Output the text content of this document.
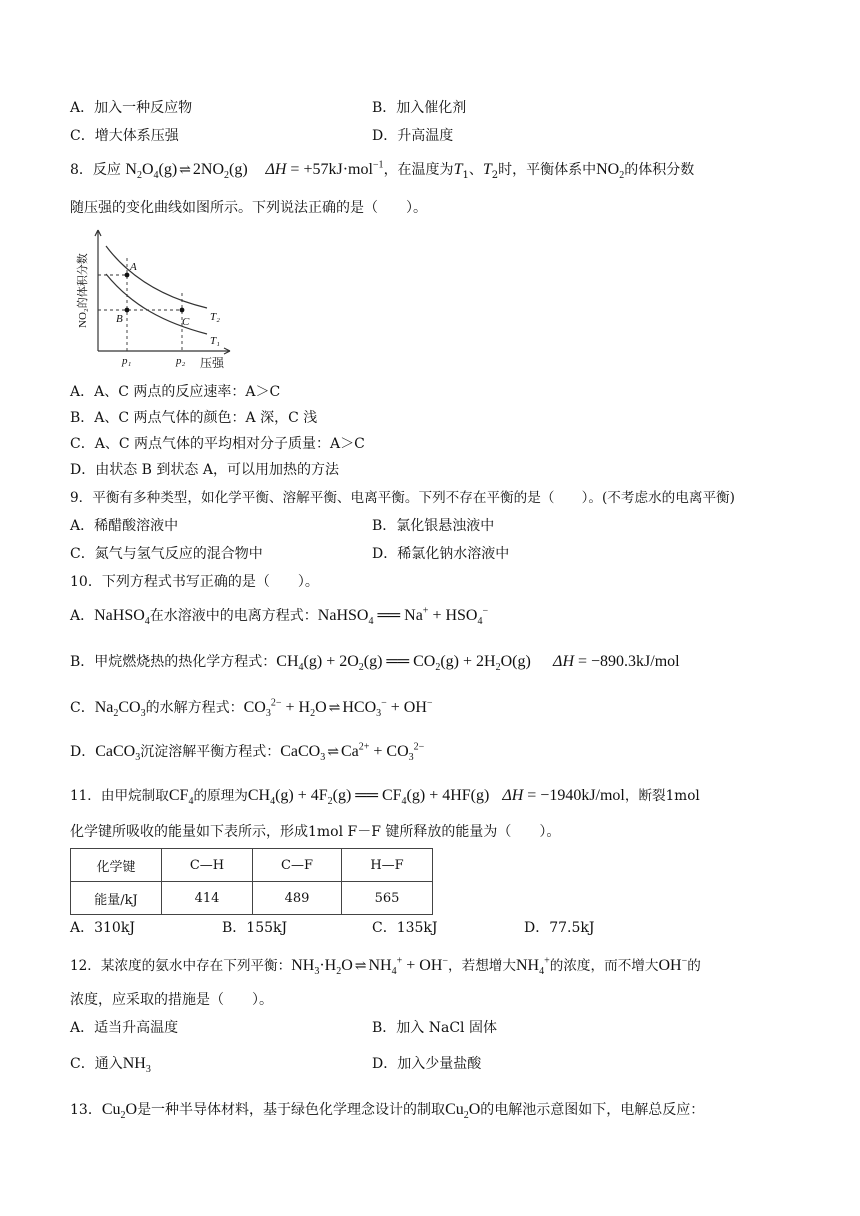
A．加入一种反应物	B．加入催化剂
C．增大体系压强	D．升高温度
8．反应 $N_2O_4(g)$ ⇌ $2NO_2(g) \Delta H = +57kJ\cdot mol^{-1}$，在温度为$T_1$、$T_2$时，平衡体系中$NO_2$的体积分数
随压强的变化曲线如图所示。下列说法正确的是（　　）。
A
B	C T₂
T₁
p₁	p₂ 压强
NO₂的体积分数
A．A、C 两点的反应速率：A＞C
B．A、C 两点气体的颜色：A 深，C 浅
C．A、C 两点气体的平均相对分子质量：A＞C
D．由状态 B 到状态 A，可以用加热的方法
9．平衡有多种类型，如化学平衡、溶解平衡、电离平衡。下列不存在平衡的是（　　）。(不考虑水的电离平衡)
A．稀醋酸溶液中	B．氯化银悬浊液中
C．氮气与氢气反应的混合物中	D．稀氯化钠水溶液中
10．下列方程式书写正确的是（　　）。
A．NaHSO$_4$在水溶液中的电离方程式：NaHSO$_4$ ══ $Na^+ + HSO_4^-$
B．甲烷燃烧热的热化学方程式：$CH_4(g) + 2O_2(g)$ ══ $CO_2(g) + 2H_2O(g) \Delta H = -890.3kJ/mol$
C．$Na_2CO_3$的水解方程式：$CO_3^{2-} + H_2O$ ⇌ $HCO_3^- + OH^-$
D．CaCO$_3$沉淀溶解平衡方程式：CaCO$_3$ ⇌ $Ca^{2+} + CO_3^{2-}$
11．由甲烷制取$CF_4$的原理为$CH_4(g) + 4F_2(g)$ ══ $CF_4(g) + 4HF(g) \Delta H = -1940kJ/mol$，断裂1mol
化学键所吸收的能量如下表所示，形成1mol F－F 键所释放的能量为（　　）。
化学键	C—H	C—F	H—F
能量/kJ	414	489	565
A．310kJ	B．155kJ	C．135kJ	D．77.5kJ
12．某浓度的氨水中存在下列平衡：$NH_3\cdot H_2O$ ⇌ $NH_4^+ + OH^-$，若想增大$NH_4^+$的浓度，而不增大OH−的
浓度，应采取的措施是（　　）。
A．适当升高温度	B．加入 NaCl 固体
C．通入$NH_3$	D．加入少量盐酸
13．$Cu_2O$是一种半导体材料，基于绿色化学理念设计的制取$Cu_2O$的电解池示意图如下，电解总反应：
